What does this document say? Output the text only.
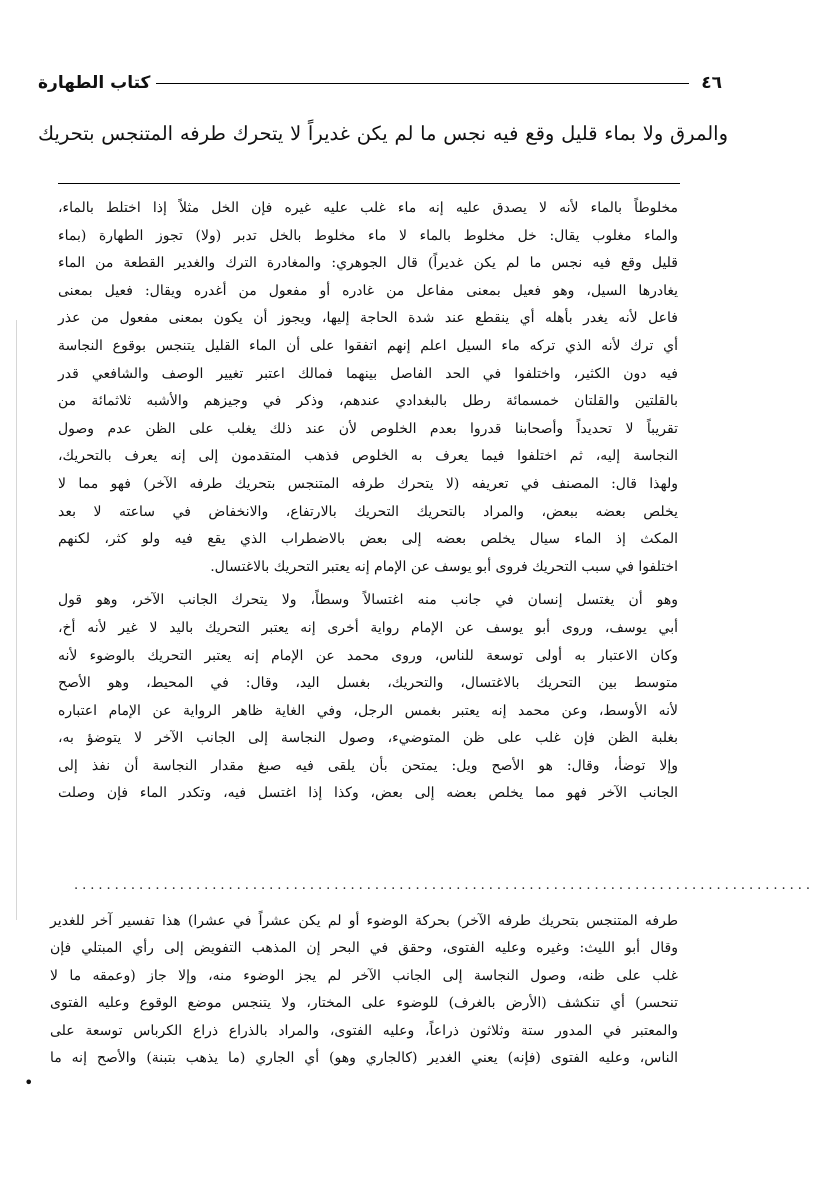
٤٦
كتاب الطهارة
والمرق ولا بماء قليل وقع فيه نجس ما لم يكن غديراً لا يتحرك طرفه المتنجس بتحريك
مخلوطاً بالماء لأنه لا يصدق عليه إنه ماء غلب عليه غيره فإن الخل مثلاً إذا اختلط بالماء،
والماء مغلوب يقال: خل مخلوط بالماء لا ماء مخلوط بالخل تدبر (ولا) تجوز الطهارة (بماء
قليل وقع فيه نجس ما لم يكن غديراً) قال الجوهري: والمغادرة الترك والغدير القطعة من الماء
يغادرها السيل، وهو فعيل بمعنى مفاعل من غادره أو مفعول من أغدره ويقال: فعيل بمعنى
فاعل لأنه يغدر بأهله أي ينقطع عند شدة الحاجة إليها، ويجوز أن يكون بمعنى مفعول من عذر
أي ترك لأنه الذي تركه ماء السيل اعلم إنهم اتفقوا على أن الماء القليل يتنجس بوقوع النجاسة
فيه دون الكثير، واختلفوا في الحد الفاصل بينهما فمالك اعتبر تغيير الوصف والشافعي قدر
بالقلتين والقلتان خمسمائة رطل بالبغدادي عندهم، وذكر في وجيزهم والأشبه ثلاثمائة من
تقريباً لا تحديداً وأصحابنا قدروا بعدم الخلوص لأن عند ذلك يغلب على الظن عدم وصول
النجاسة إليه، ثم اختلفوا فيما يعرف به الخلوص فذهب المتقدمون إلى إنه يعرف بالتحريك،
ولهذا قال: المصنف في تعريفه (لا يتحرك طرفه المتنجس بتحريك طرفه الآخر) فهو مما لا
يخلص بعضه ببعض، والمراد بالتحريك التحريك بالارتفاع، والانخفاض في ساعته لا بعد
المكث إذ الماء سيال يخلص بعضه إلى بعض بالاضطراب الذي يقع فيه ولو كثر، لكنهم
اختلفوا في سبب التحريك فروى أبو يوسف عن الإمام إنه يعتبر التحريك بالاغتسال.
وهو أن يغتسل إنسان في جانب منه اغتسالاً وسطاً، ولا يتحرك الجانب الآخر، وهو قول
أبي يوسف، وروى أبو يوسف عن الإمام رواية أخرى إنه يعتبر التحريك باليد لا غير لأنه أخ،
وكان الاعتبار به أولى توسعة للناس، وروى محمد عن الإمام إنه يعتبر التحريك بالوضوء لأنه
متوسط بين التحريك بالاغتسال، والتحريك، بغسل اليد، وقال: في المحيط، وهو الأصح
لأنه الأوسط، وعن محمد إنه يعتبر بغمس الرجل، وفي الغاية ظاهر الرواية عن الإمام اعتباره
بغلبة الظن فإن غلب على ظن المتوضيء، وصول النجاسة إلى الجانب الآخر لا يتوضؤ به،
وإلا توضأ، وقال: هو الأصح ويل: يمتحن بأن يلقى فيه صبغ مقدار النجاسة أن نفذ إلى
الجانب الآخر فهو مما يخلص بعضه إلى بعض، وكذا إذا اغتسل فيه، وتكدر الماء فإن وصلت
...........................................................................................
طرفه المتنجس بتحريك طرفه الآخر) بحركة الوضوء أو لم يكن عشراً في عشرا) هذا تفسير آخر للغدير
وقال أبو الليث: وغيره وعليه الفتوى، وحقق في البحر إن المذهب التفويض إلى رأي المبتلي فإن
غلب على ظنه، وصول النجاسة إلى الجانب الآخر لم يجز الوضوء منه، وإلا جاز (وعمقه ما لا
تنحسر) أي تنكشف (الأرض بالغرف) للوضوء على المختار، ولا يتنجس موضع الوقوع وعليه الفتوى
والمعتبر في المدور ستة وثلاثون ذراعاً، وعليه الفتوى، والمراد بالذراع ذراع الكرباس توسعة على
الناس، وعليه الفتوى (فإنه) يعني الغدير (كالجاري وهو) أي الجاري (ما يذهب بتبنة) والأصح إنه ما
•
